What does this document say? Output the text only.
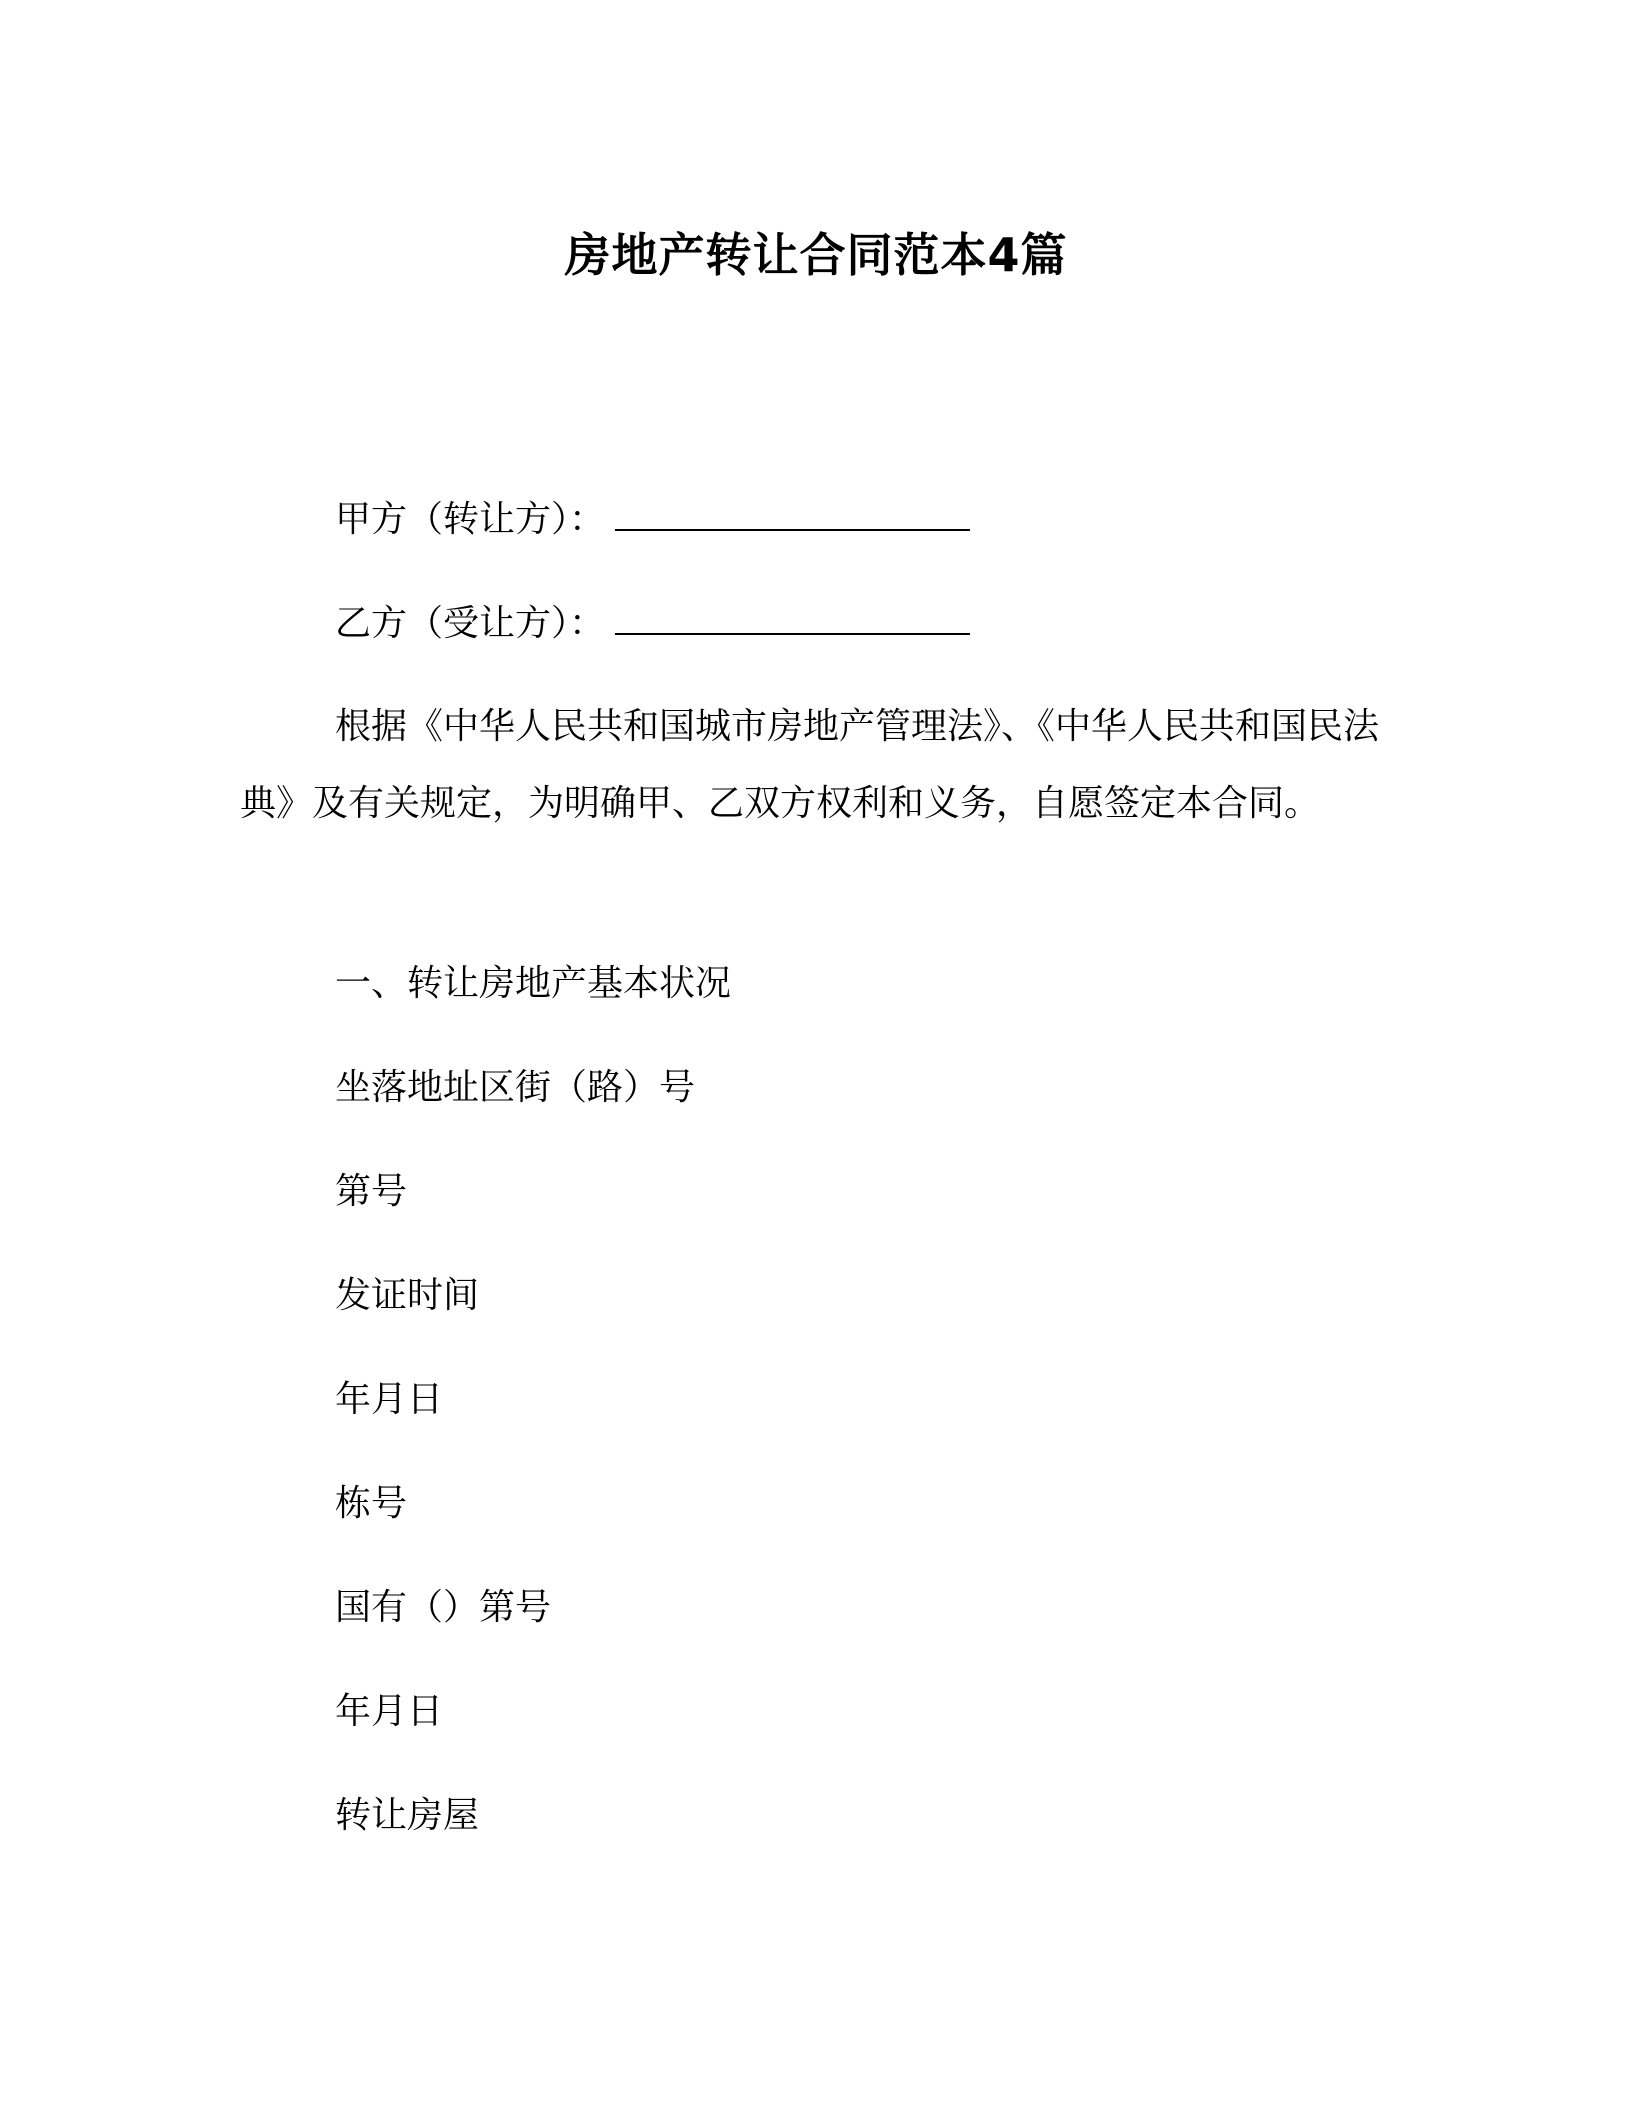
房地产转让合同范本4篇
甲方（转让方）：
乙方（受让方）：
根据《中华人民共和国城市房地产管理法》、《中华人民共和国民法典》及有关规定，为明确甲、乙双方权利和义务，自愿签定本合同。
一、转让房地产基本状况
坐落地址区街（路）号
第号
发证时间
年月日
栋号
国有（）第号
年月日
转让房屋
